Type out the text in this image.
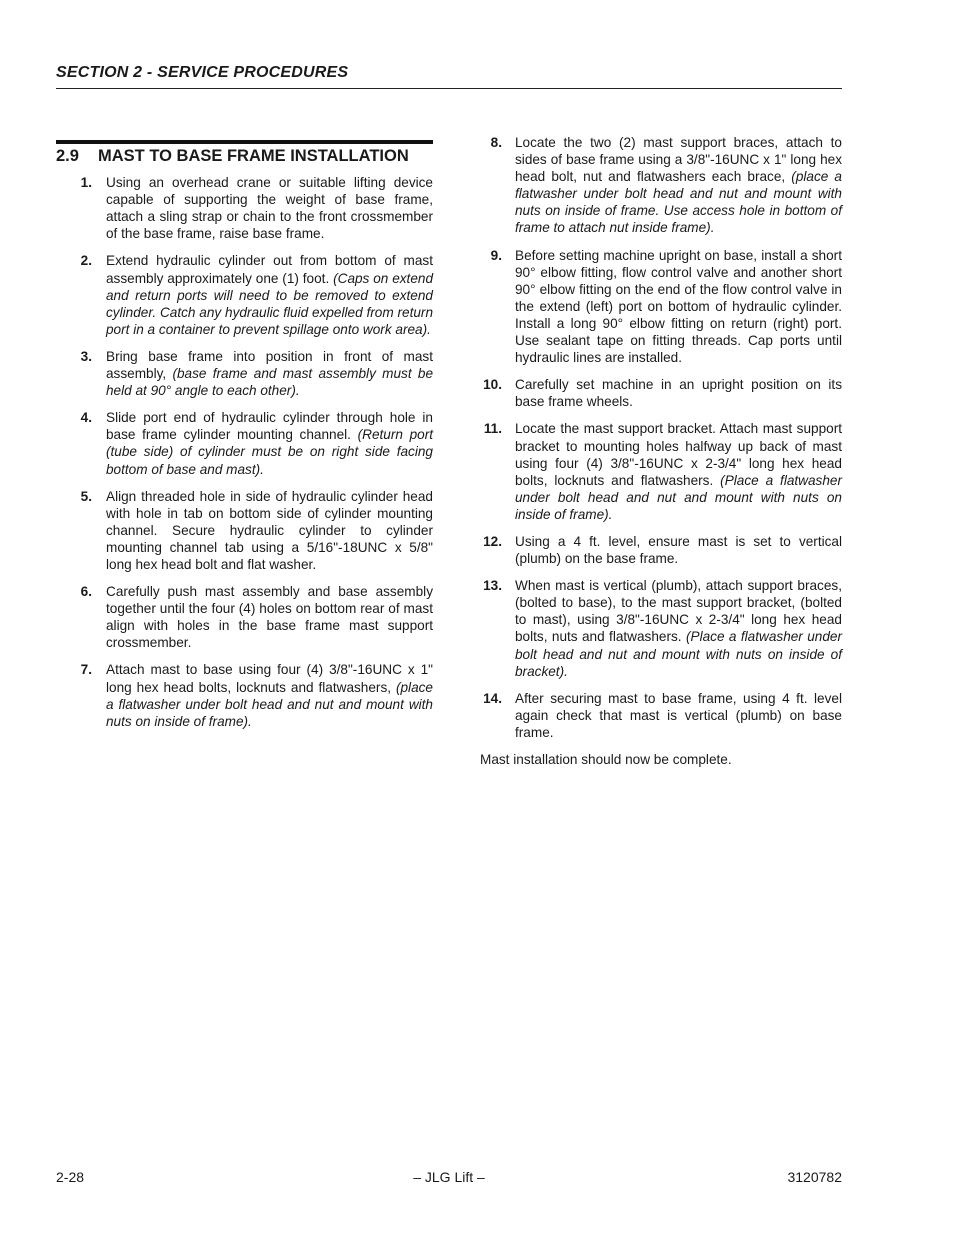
SECTION 2 - SERVICE PROCEDURES
2.9	MAST TO BASE FRAME INSTALLATION
1.	Using an overhead crane or suitable lifting device capable of supporting the weight of base frame, attach a sling strap or chain to the front crossmember of the base frame, raise base frame.
2.	Extend hydraulic cylinder out from bottom of mast assembly approximately one (1) foot. (Caps on extend and return ports will need to be removed to extend cylinder. Catch any hydraulic fluid expelled from return port in a container to prevent spillage onto work area).
3.	Bring base frame into position in front of mast assembly, (base frame and mast assembly must be held at 90° angle to each other).
4.	Slide port end of hydraulic cylinder through hole in base frame cylinder mounting channel. (Return port (tube side) of cylinder must be on right side facing bottom of base and mast).
5.	Align threaded hole in side of hydraulic cylinder head with hole in tab on bottom side of cylinder mounting channel. Secure hydraulic cylinder to cylinder mounting channel tab using a 5/16"-18UNC x 5/8" long hex head bolt and flat washer.
6.	Carefully push mast assembly and base assembly together until the four (4) holes on bottom rear of mast align with holes in the base frame mast support crossmember.
7.	Attach mast to base using four (4) 3/8"-16UNC x 1" long hex head bolts, locknuts and flatwashers, (place a flatwasher under bolt head and nut and mount with nuts on inside of frame).
8. Locate the two (2) mast support braces, attach to sides of base frame using a 3/8"-16UNC x 1" long hex head bolt, nut and flatwashers each brace, (place a flatwasher under bolt head and nut and mount with nuts on inside of frame. Use access hole in bottom of frame to attach nut inside frame).
9. Before setting machine upright on base, install a short 90° elbow fitting, flow control valve and another short 90° elbow fitting on the end of the flow control valve in the extend (left) port on bottom of hydraulic cylinder. Install a long 90° elbow fitting on return (right) port. Use sealant tape on fitting threads. Cap ports until hydraulic lines are installed.
10. Carefully set machine in an upright position on its base frame wheels.
11. Locate the mast support bracket. Attach mast support bracket to mounting holes halfway up back of mast using four (4) 3/8"-16UNC x 2-3/4" long hex head bolts, locknuts and flatwashers. (Place a flatwasher under bolt head and nut and mount with nuts on inside of frame).
12. Using a 4 ft. level, ensure mast is set to vertical (plumb) on the base frame.
13. When mast is vertical (plumb), attach support braces, (bolted to base), to the mast support bracket, (bolted to mast), using 3/8"-16UNC x 2-3/4" long hex head bolts, nuts and flatwashers. (Place a flatwasher under bolt head and nut and mount with nuts on inside of bracket).
14. After securing mast to base frame, using 4 ft. level again check that mast is vertical (plumb) on base frame.
Mast installation should now be complete.
2-28	– JLG Lift –	3120782
